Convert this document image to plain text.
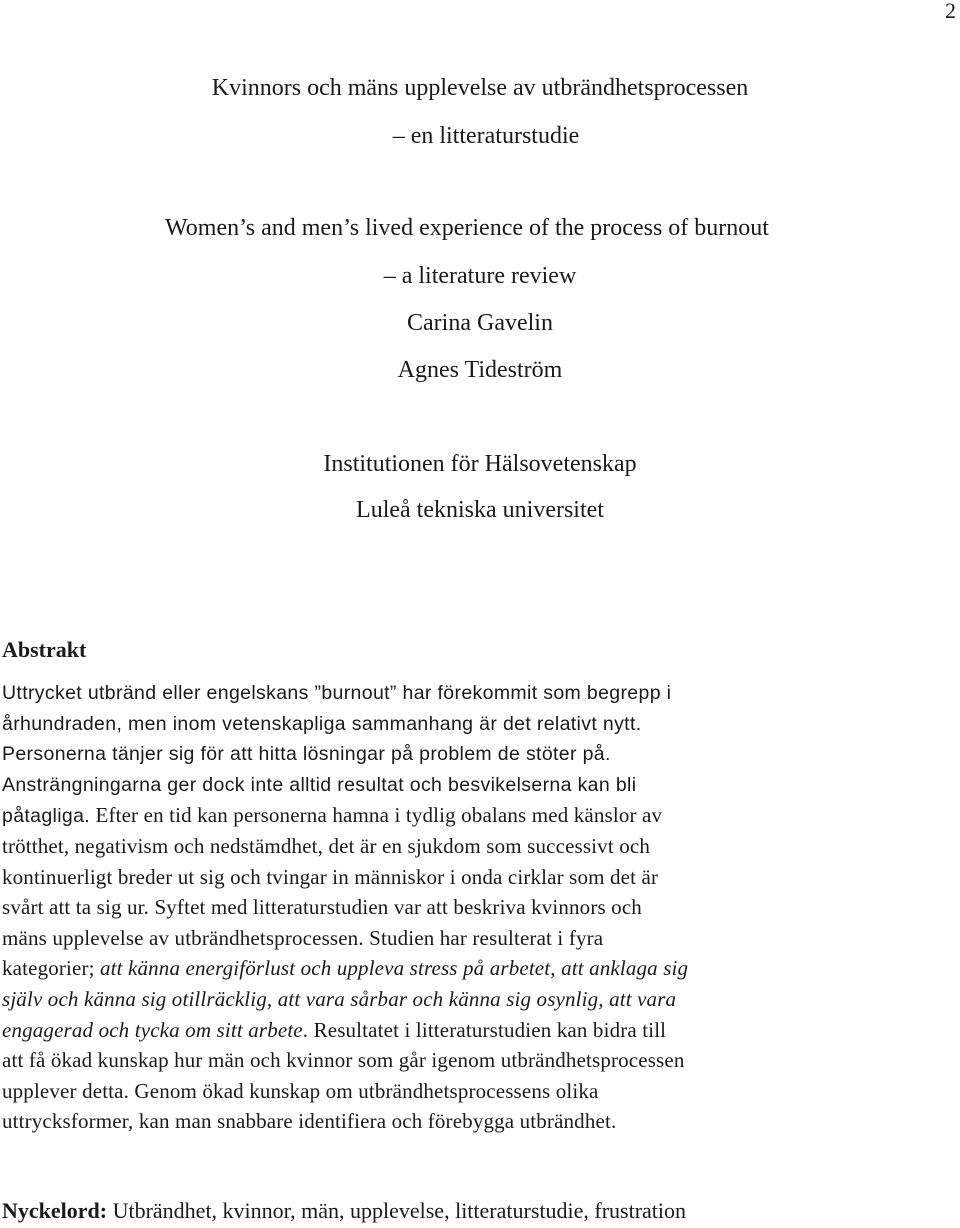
2
Kvinnors och mäns upplevelse av utbrändhetsprocessen
– en litteraturstudie
Women’s and men’s lived experience of the process of burnout
– a literature review
Carina Gavelin
Agnes Tideström
Institutionen för Hälsovetenskap
Luleå tekniska universitet
Abstrakt
Uttrycket utbränd eller engelskans ”burnout” har förekommit som begrepp i
århundraden, men inom vetenskapliga sammanhang är det relativt nytt.
Personerna tänjer sig för att hitta lösningar på problem de stöter på.
Ansträngningarna ger dock inte alltid resultat och besvikelserna kan bli
påtagliga. Efter en tid kan personerna hamna i tydlig obalans med känslor av
trötthet, negativism och nedstämdhet, det är en sjukdom som successivt och
kontinuerligt breder ut sig och tvingar in människor i onda cirklar som det är
svårt att ta sig ur. Syftet med litteraturstudien var att beskriva kvinnors och
mäns upplevelse av utbrändhetsprocessen. Studien har resulterat i fyra
kategorier; att känna energiförlust och uppleva stress på arbetet, att anklaga sig
själv och känna sig otillräcklig, att vara sårbar och känna sig osynlig, att vara
engagerad och tycka om sitt arbete. Resultatet i litteraturstudien kan bidra till
att få ökad kunskap hur män och kvinnor som går igenom utbrändhetsprocessen
upplever detta. Genom ökad kunskap om utbrändhetsprocessens olika
uttrycksformer, kan man snabbare identifiera och förebygga utbrändhet.
Nyckelord: Utbrändhet, kvinnor, män, upplevelse, litteraturstudie, frustration
